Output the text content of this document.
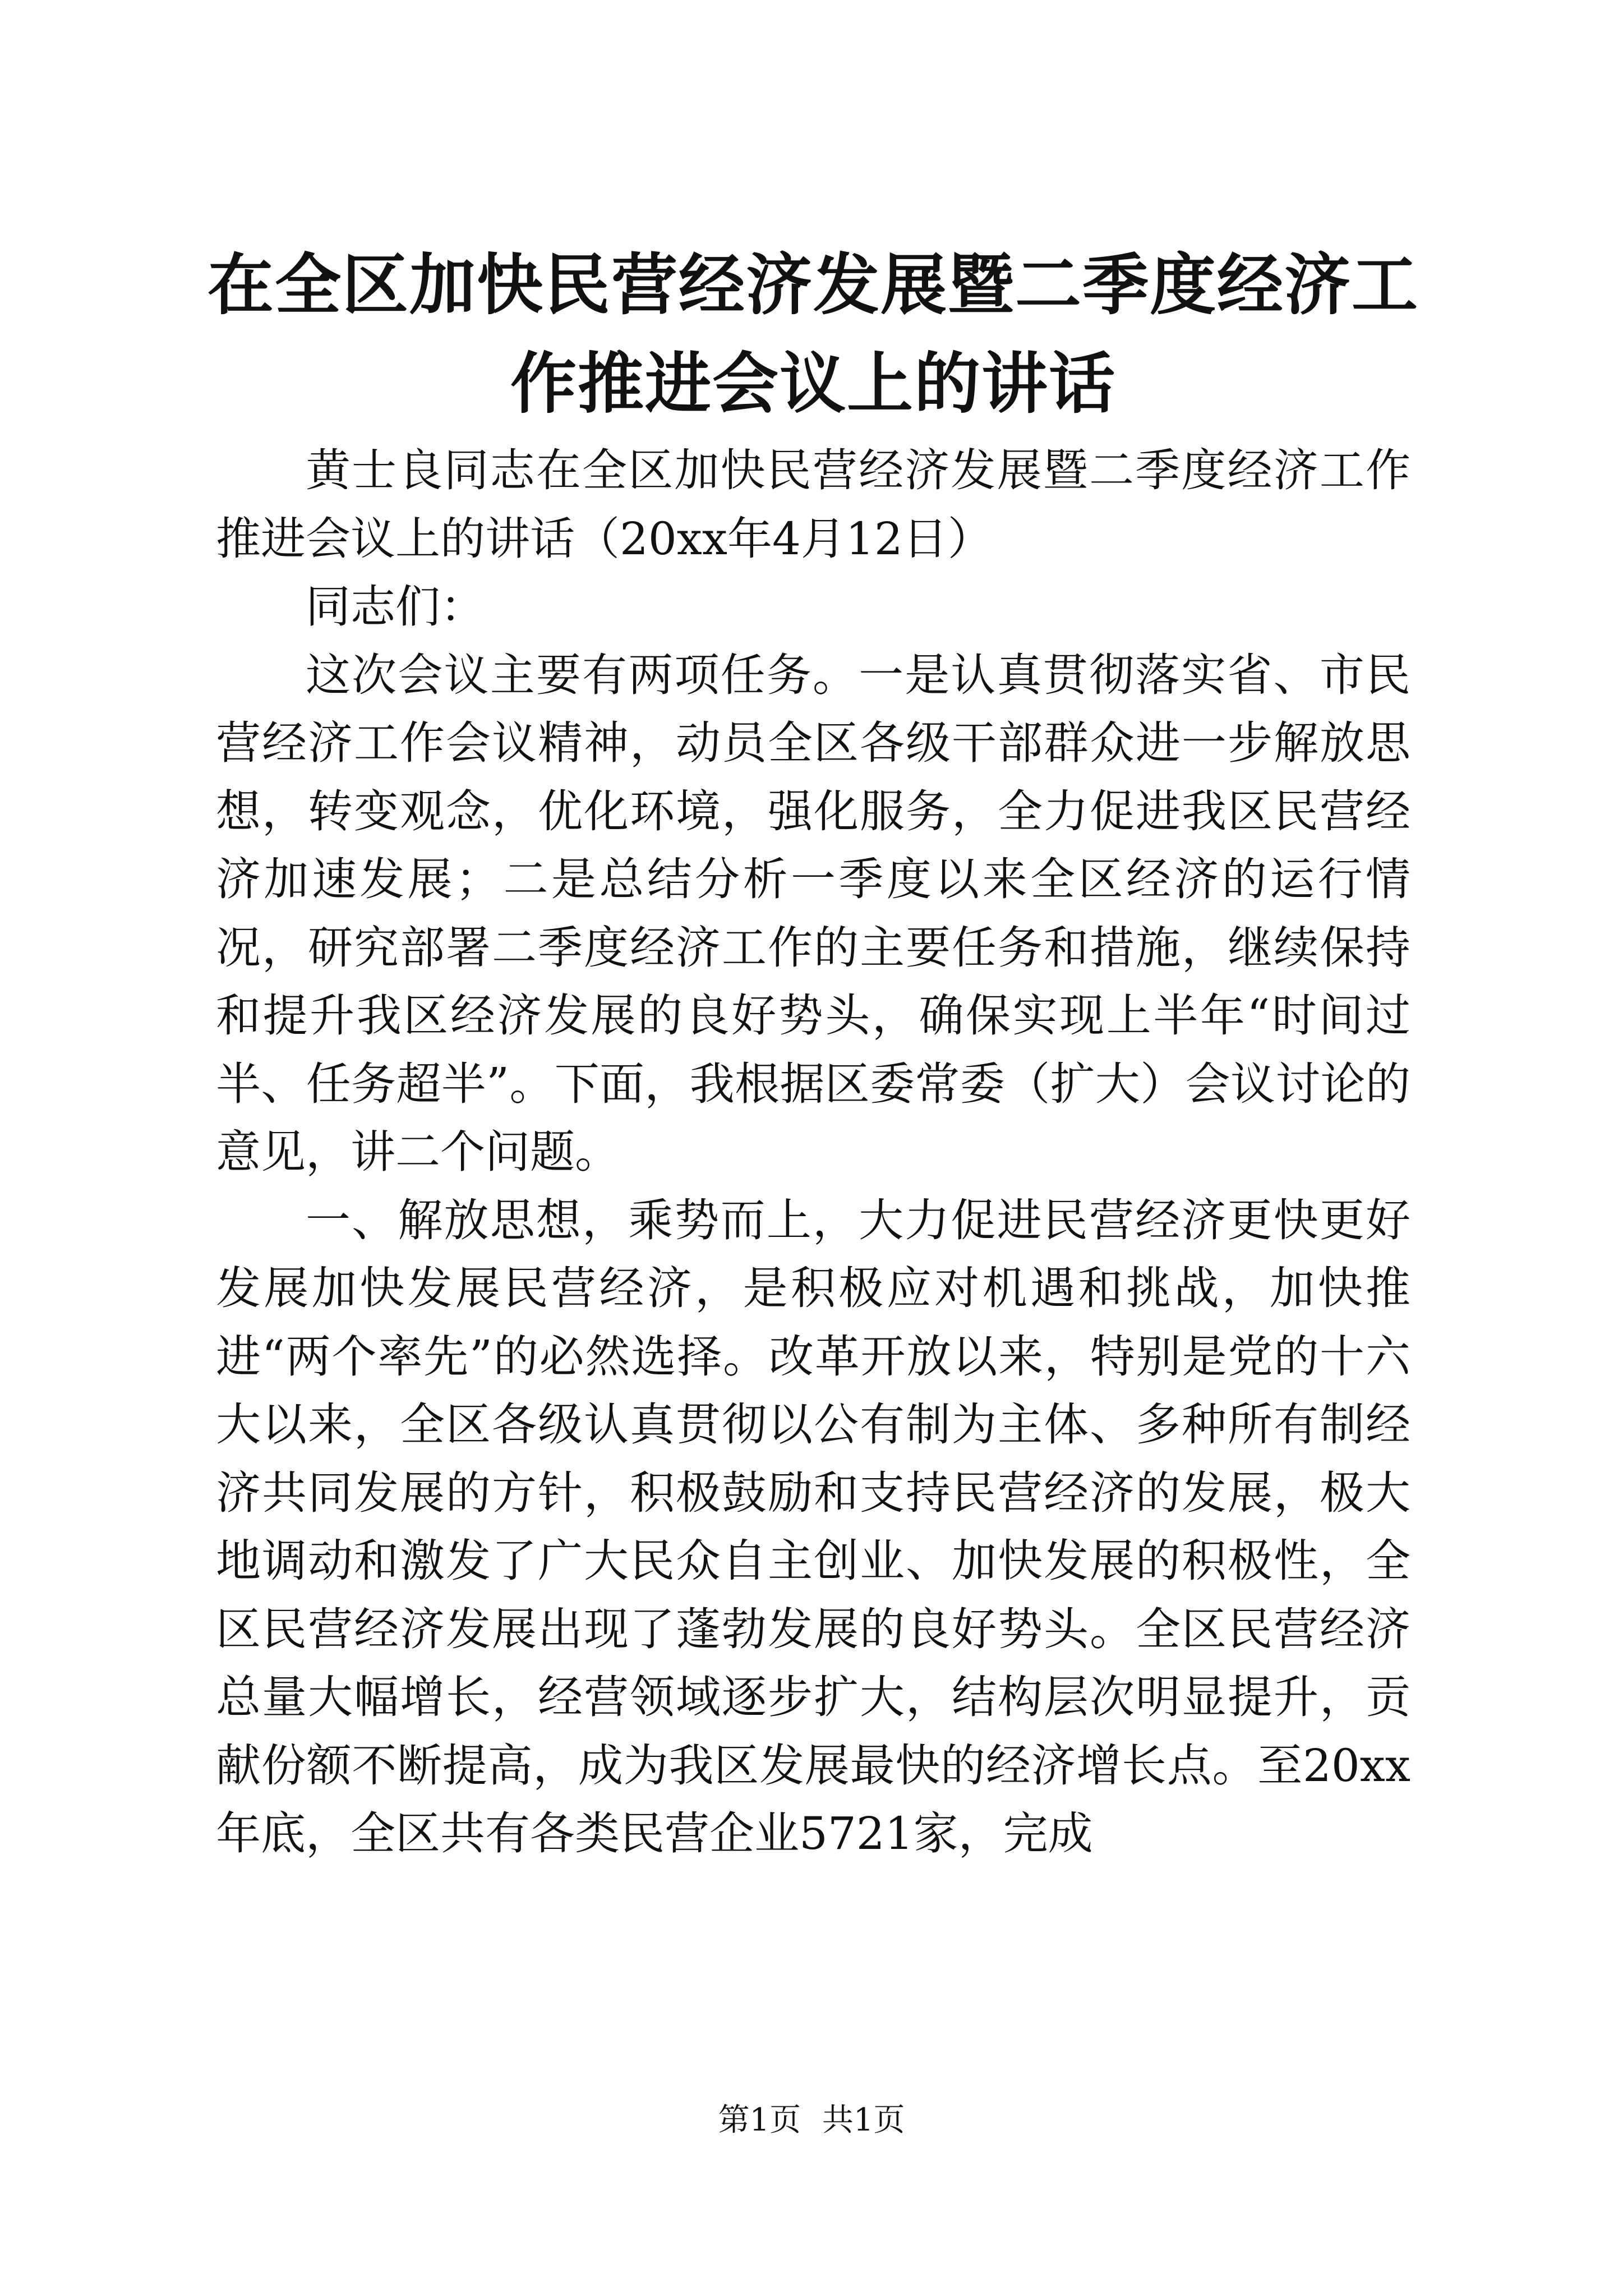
在全区加快民营经济发展暨二季度经济工作推进会议上的讲话

黄士良同志在全区加快民营经济发展暨二季度经济工作推进会议上的讲话（20xx年4月12日）

同志们：

这次会议主要有两项任务。一是认真贯彻落实省、市民营经济工作会议精神，动员全区各级干部群众进一步解放思想，转变观念，优化环境，强化服务，全力促进我区民营经济加速发展；二是总结分析一季度以来全区经济的运行情况，研究部署二季度经济工作的主要任务和措施，继续保持和提升我区经济发展的良好势头，确保实现上半年“时间过半、任务超半”。下面，我根据区委常委（扩大）会议讨论的意见，讲二个问题。

一、解放思想，乘势而上，大力促进民营经济更快更好发展加快发展民营经济，是积极应对机遇和挑战，加快推进“两个率先”的必然选择。改革开放以来，特别是党的十六大以来，全区各级认真贯彻以公有制为主体、多种所有制经济共同发展的方针，积极鼓励和支持民营经济的发展，极大地调动和激发了广大民众自主创业、加快发展的积极性，全区民营经济发展出现了蓬勃发展的良好势头。全区民营经济总量大幅增长，经营领域逐步扩大，结构层次明显提升，贡献份额不断提高，成为我区发展最快的经济增长点。至20xx年底，全区共有各类民营企业5721家，完成

第1页 共1页
